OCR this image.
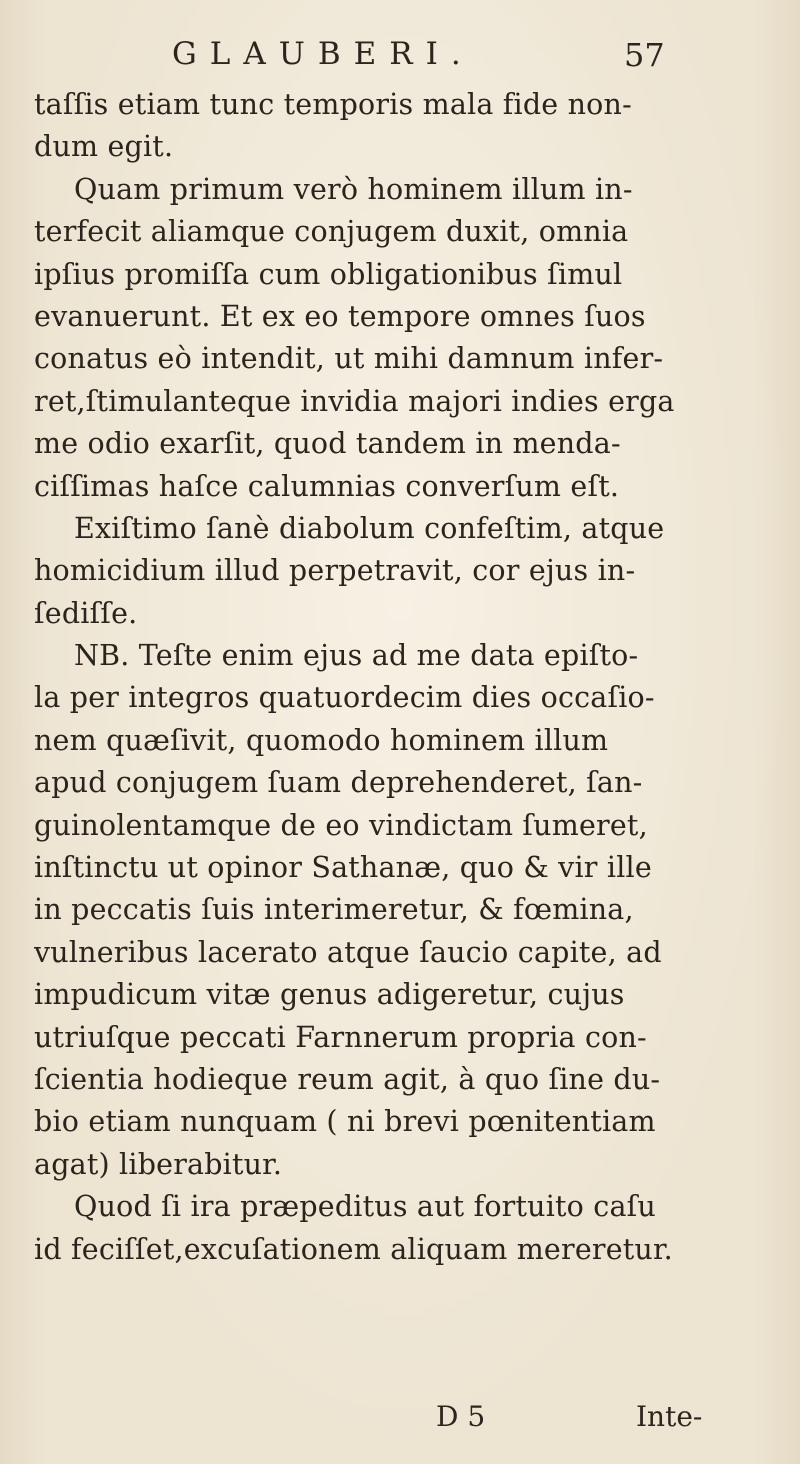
GLAUBERI.	57
taſſis etiam tunc temporis mala fide non-
dum egit.
Quam primum verò hominem illum in-
terfecit aliamque conjugem duxit, omnia
ipſius promiſſa cum obligationibus ſimul
evanuerunt. Et ex eo tempore omnes ſuos
conatus eò intendit, ut mihi damnum infer-
ret,ſtimulanteque invidia majori indies erga
me odio exarſit, quod tandem in menda-
ciſſimas haſce calumnias converſum eſt.
Exiſtimo ſanè diabolum confeſtim, atque
homicidium illud perpetravit, cor ejus in-
ſediſſe.
NB. Teſte enim ejus ad me data epiſto-
la per integros quatuordecim dies occaſio-
nem quæſivit, quomodo hominem illum
apud conjugem ſuam deprehenderet, ſan-
guinolentamque de eo vindictam ſumeret,
inſtinctu ut opinor Sathanæ, quo & vir ille
in peccatis ſuis interimeretur, & fœmina,
vulneribus lacerato atque ſaucio capite, ad
impudicum vitæ genus adigeretur, cujus
utriuſque peccati Farnnerum propria con-
ſcientia hodieque reum agit, à quo ſine du-
bio etiam nunquam ( ni brevi pœnitentiam
agat) liberabitur.
Quod ſi ira præpeditus aut fortuito caſu
id feciſſet,excuſationem aliquam mereretur.
D 5	Inte-
